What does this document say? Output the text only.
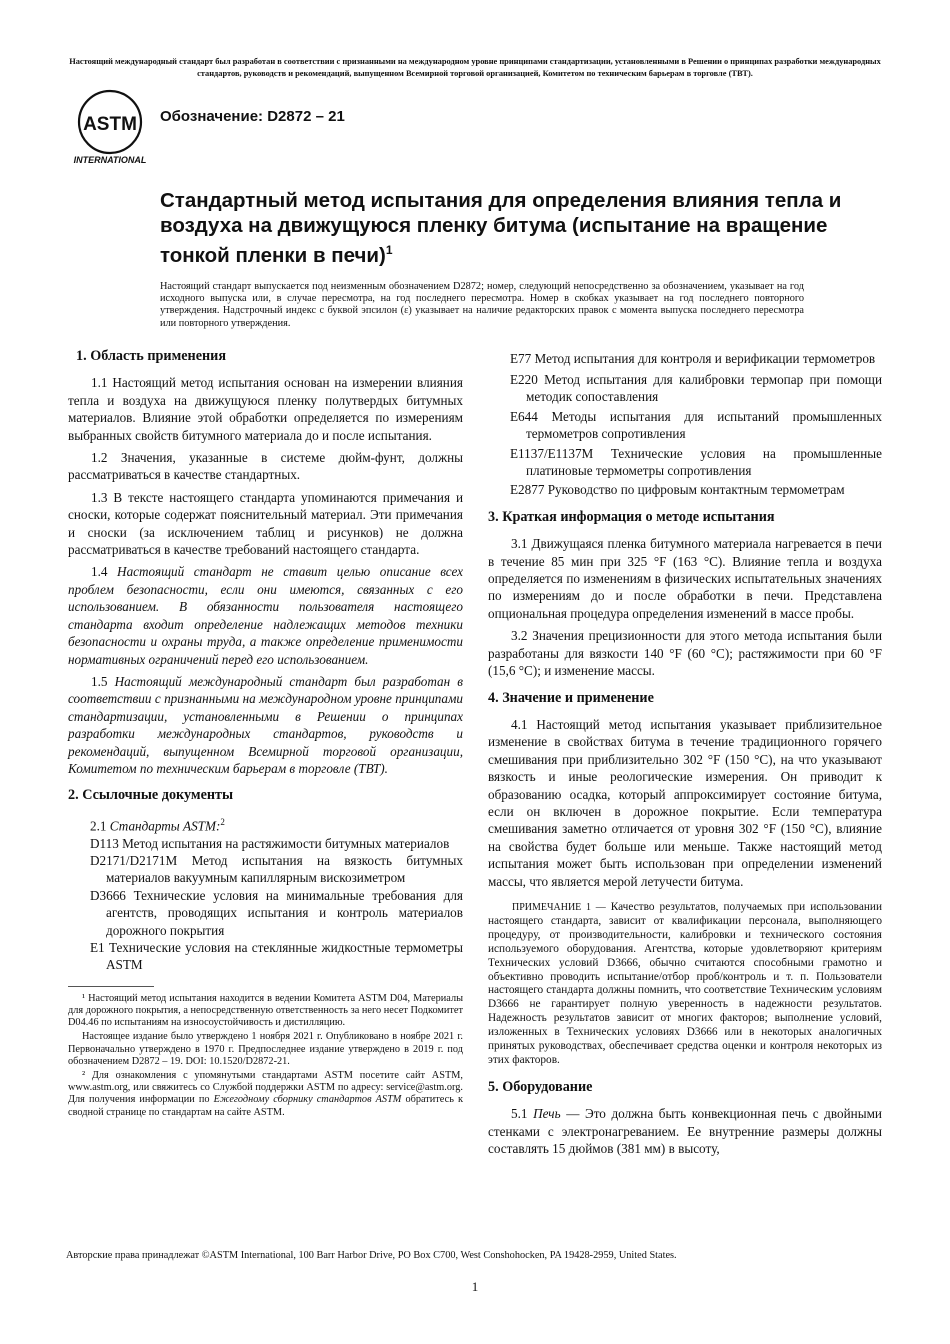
Настоящий международный стандарт был разработан в соответствии с признанными на международном уровне принципами стандартизации, установленными в Решении о принципах разработки международных стандартов, руководств и рекомендаций, выпущенном Всемирной торговой организацией, Комитетом по техническим барьерам в торговле (ТВТ).
ASTM
INTERNATIONAL
Обозначение: D2872 – 21
Стандартный метод испытания для определения влияния тепла и воздуха на движущуюся пленку битума (испытание на вращение тонкой пленки в печи)$^1$

Настоящий стандарт выпускается под неизменным обозначением D2872; номер, следующий непосредственно за обозначением, указывает на год исходного выпуска или, в случае пересмотра, на год последнего пересмотра. Номер в скобках указывает на год последнего повторного утверждения. Надстрочный индекс с буквой эпсилон (ε) указывает на наличие редакторских правок с момента выпуска последнего пересмотра или повторного утверждения.

1. Область применения

1.1 Настоящий метод испытания основан на измерении влияния тепла и воздуха на движущуюся пленку полутвердых битумных материалов. Влияние этой обработки определяется по измерениям выбранных свойств битумного материала до и после испытания.

1.2 Значения, указанные в системе дюйм-фунт, должны рассматриваться в качестве стандартных.

1.3 В тексте настоящего стандарта упоминаются примечания и сноски, которые содержат пояснительный материал. Эти примечания и сноски (за исключением таблиц и рисунков) не должна рассматриваться в качестве требований настоящего стандарта.

1.4 Настоящий стандарт не ставит целью описание всех проблем безопасности, если они имеются, связанных с его использованием. В обязанности пользователя настоящего стандарта входит определение надлежащих методов техники безопасности и охраны труда, а также определение применимости нормативных ограничений перед его использованием.

1.5 Настоящий международный стандарт был разработан в соответствии с признанными на международном уровне принципами стандартизации, установленными в Решении о принципах разработки международных стандартов, руководств и рекомендаций, выпущенном Всемирной торговой организации, Комитетом по техническим барьерам в торговле (ТВТ).

2. Ссылочные документы

2.1 Стандарты ASTM:$^2$

D113 Метод испытания на растяжимости битумных материалов

D2171/D2171M Метод испытания на вязкость битумных материалов вакуумным капиллярным вискозиметром

D3666 Технические условия на минимальные требования для агентств, проводящих испытания и контроль материалов дорожного покрытия

E1 Технические условия на стеклянные жидкостные термометры ASTM

¹ Настоящий метод испытания находится в ведении Комитета ASTM D04, Материалы для дорожного покрытия, а непосредственную ответственность за него несет Подкомитет D04.46 по испытаниям на износоустойчивость и дистилляцию.

Настоящее издание было утверждено 1 ноября 2021 г. Опубликовано в ноябре 2021 г. Первоначально утверждено в 1970 г. Предпоследнее издание утверждено в 2019 г. под обозначением D2872 – 19. DOI: 10.1520/D2872-21.

² Для ознакомления с упомянутыми стандартами ASTM посетите сайт ASTM, www.astm.org, или свяжитесь со Службой поддержки ASTM по адресу: service@astm.org. Для получения информации по Ежегодному сборнику стандартов ASTM обратитесь к сводной странице по стандартам на сайте ASTM.

E77 Метод испытания для контроля и верификации термометров

E220 Метод испытания для калибровки термопар при помощи методик сопоставления

E644 Методы испытания для испытаний промышленных термометров сопротивления

E1137/E1137M Технические условия на промышленные платиновые термометры сопротивления

E2877 Руководство по цифровым контактным термометрам

3. Краткая информация о методе испытания

3.1 Движущаяся пленка битумного материала нагревается в печи в течение 85 мин при 325 °F (163 °C). Влияние тепла и воздуха определяется по изменениям в физических испытательных значениях по измерениям до и после обработки в печи. Представлена опциональная процедура определения изменений в массе пробы.

3.2 Значения прецизионности для этого метода испытания были разработаны для вязкости 140 °F (60 °C); растяжимости при 60 °F (15,6 °C); и изменение массы.

4. Значение и применение

4.1 Настоящий метод испытания указывает приблизительное изменение в свойствах битума в течение традиционного горячего смешивания при приблизительно 302 °F (150 °C), на что указывают вязкость и иные реологические измерения. Он приводит к образованию осадка, который аппроксимирует состояние битума, если он включен в дорожное покрытие. Если температура смешивания заметно отличается от уровня 302 °F (150 °C), влияние на свойства будет больше или меньше. Также настоящий метод испытания может быть использован при определении изменений массы, что является мерой летучести битума.

ПРИМЕЧАНИЕ 1 — Качество результатов, получаемых при использовании настоящего стандарта, зависит от квалификации персонала, выполняющего процедуру, от производительности, калибровки и технического состояния используемого оборудования. Агентства, которые удовлетворяют критериям Технических условий D3666, обычно считаются способными грамотно и объективно проводить испытание/отбор проб/контроль и т. п. Пользователи настоящего стандарта должны помнить, что соответствие Техническим условиям D3666 не гарантирует полную уверенность в надежности результатов. Надежность результатов зависит от многих факторов; выполнение условий, изложенных в Технических условиях D3666 или в некоторых аналогичных принятых руководствах, обеспечивает средства оценки и контроля некоторых из этих факторов.

5. Оборудование

5.1 Печь — Это должна быть конвекционная печь с двойными стенками с электронагреванием. Ее внутренние размеры должны составлять 15 дюймов (381 мм) в высоту,

Авторские права принадлежат ©ASTM International, 100 Barr Harbor Drive, PO Box C700, West Conshohocken, PA 19428-2959, United States.
1
